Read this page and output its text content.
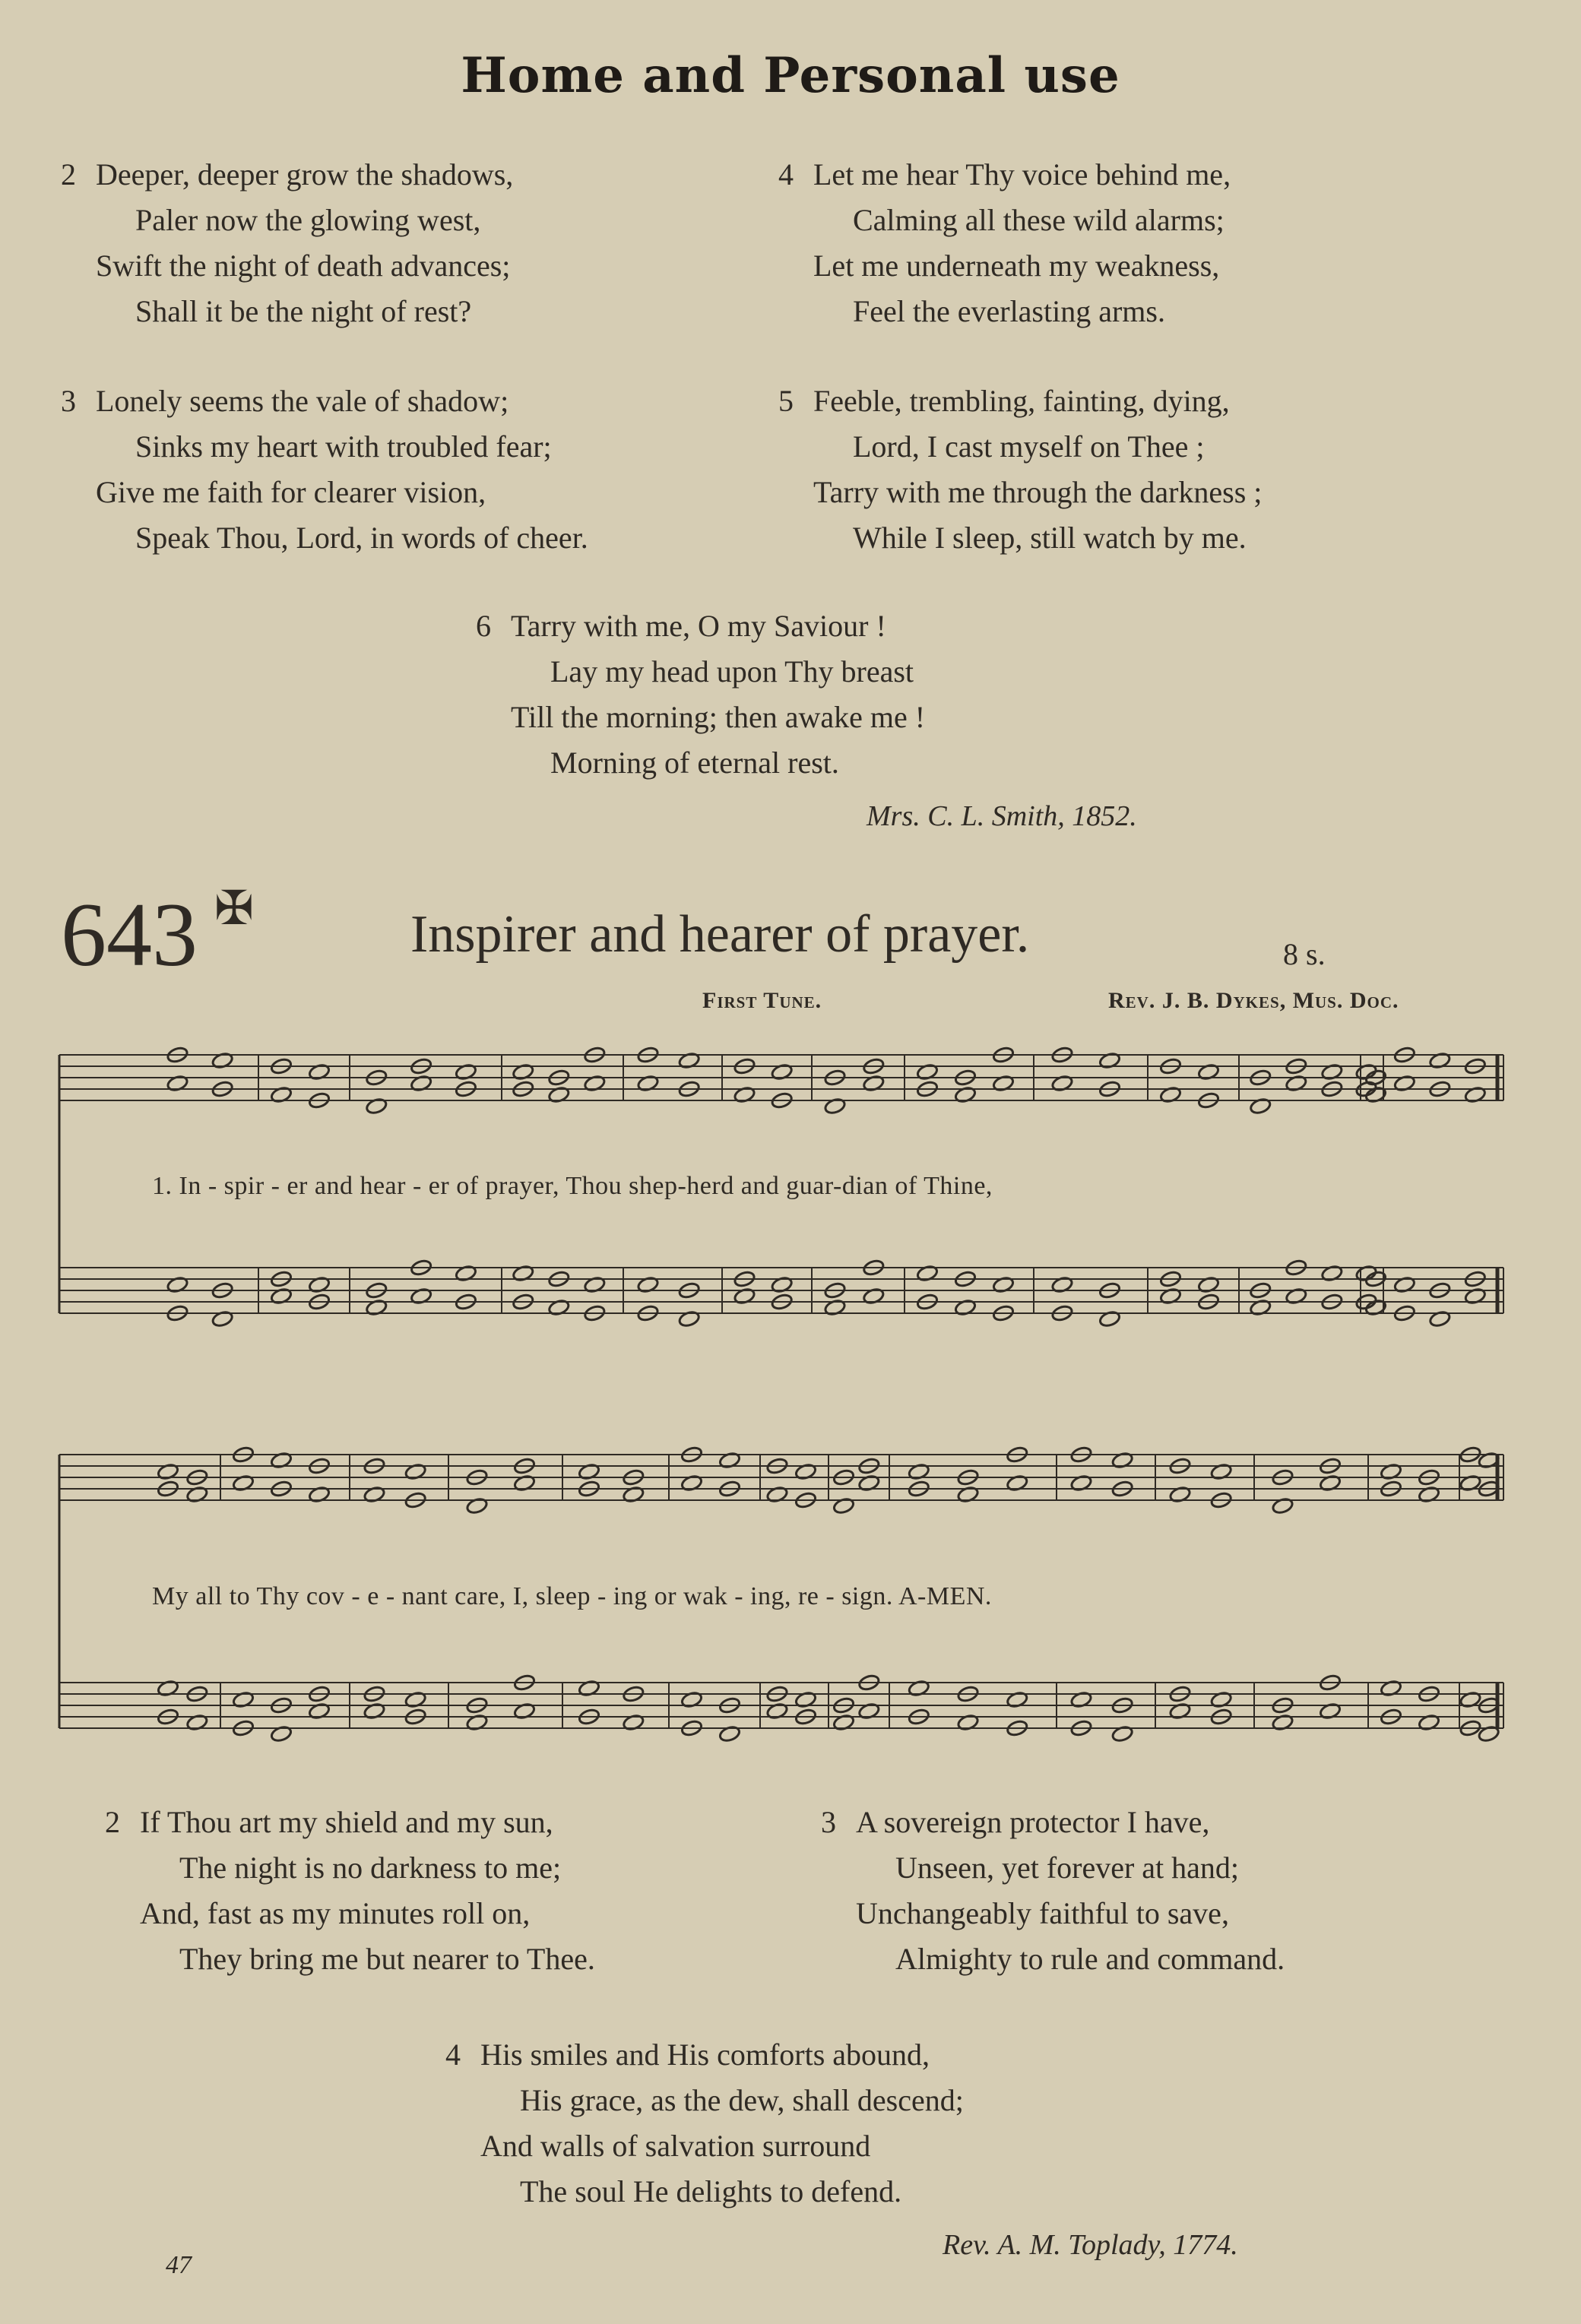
Home and Personal use
2 Deeper, deeper grow the shadows,
Paler now the glowing west,
Swift the night of death advances;
Shall it be the night of rest?
3 Lonely seems the vale of shadow;
Sinks my heart with troubled fear;
Give me faith for clearer vision,
Speak Thou, Lord, in words of cheer.
4 Let me hear Thy voice behind me,
Calming all these wild alarms;
Let me underneath my weakness,
Feel the everlasting arms.
5 Feeble, trembling, fainting, dying,
Lord, I cast myself on Thee ;
Tarry with me through the darkness ;
While I sleep, still watch by me.
6 Tarry with me, O my Saviour !
Lay my head upon Thy breast
Till the morning; then awake me !
Morning of eternal rest.
Mrs. C. L. Smith, 1852.
643 ✠	Inspirer and hearer of prayer.	8 s.
First Tune.	Rev. J. B. Dykes, Mus. Doc.
1. In - spir - er and hear - er of prayer, Thou shep-herd and guar-dian of Thine,
My all to Thy cov - e - nant care, I, sleep - ing or wak - ing, re - sign. A-MEN.
2 If Thou art my shield and my sun,
The night is no darkness to me;
And, fast as my minutes roll on,
They bring me but nearer to Thee.
3 A sovereign protector I have,
Unseen, yet forever at hand;
Unchangeably faithful to save,
Almighty to rule and command.
4 His smiles and His comforts abound,
His grace, as the dew, shall descend;
And walls of salvation surround
The soul He delights to defend.
Rev. A. M. Toplady, 1774.
47
